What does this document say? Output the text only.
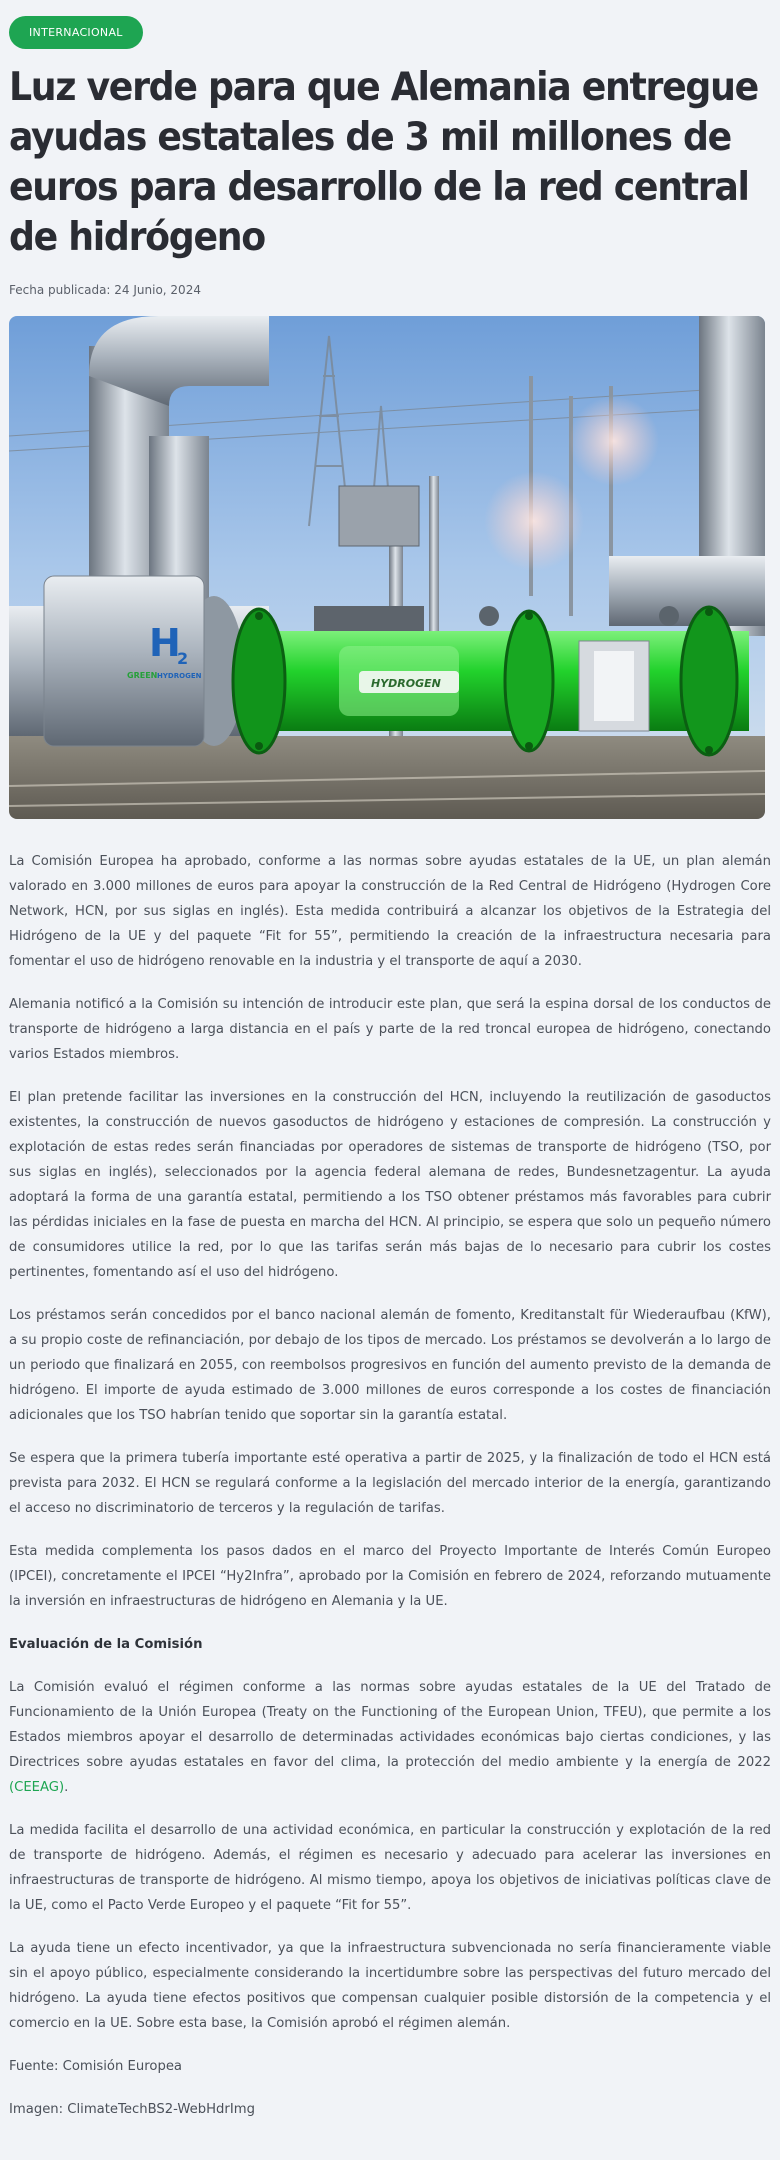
INTERNACIONAL
Luz verde para que Alemania entregue ayudas estatales de 3 mil millones de euros para desarrollo de la red central de hidrógeno
Fecha publicada: 24 Junio, 2024
H
2
GREEN HYDROGEN
HYDROGEN

La Comisión Europea ha aprobado, conforme a las normas sobre ayudas estatales de la UE, un plan alemán valorado en 3.000 millones de euros para apoyar la construcción de la Red Central de Hidrógeno (Hydrogen Core Network, HCN, por sus siglas en inglés). Esta medida contribuirá a alcanzar los objetivos de la Estrategia del Hidrógeno de la UE y del paquete “Fit for 55”, permitiendo la creación de la infraestructura necesaria para fomentar el uso de hidrógeno renovable en la industria y el transporte de aquí a 2030.

Alemania notificó a la Comisión su intención de introducir este plan, que será la espina dorsal de los conductos de transporte de hidrógeno a larga distancia en el país y parte de la red troncal europea de hidrógeno, conectando varios Estados miembros.

El plan pretende facilitar las inversiones en la construcción del HCN, incluyendo la reutilización de gasoductos existentes, la construcción de nuevos gasoductos de hidrógeno y estaciones de compresión. La construcción y explotación de estas redes serán financiadas por operadores de sistemas de transporte de hidrógeno (TSO, por sus siglas en inglés), seleccionados por la agencia federal alemana de redes, Bundesnetzagentur. La ayuda adoptará la forma de una garantía estatal, permitiendo a los TSO obtener préstamos más favorables para cubrir las pérdidas iniciales en la fase de puesta en marcha del HCN. Al principio, se espera que solo un pequeño número de consumidores utilice la red, por lo que las tarifas serán más bajas de lo necesario para cubrir los costes pertinentes, fomentando así el uso del hidrógeno.

Los préstamos serán concedidos por el banco nacional alemán de fomento, Kreditanstalt für Wiederaufbau (KfW), a su propio coste de refinanciación, por debajo de los tipos de mercado. Los préstamos se devolverán a lo largo de un periodo que finalizará en 2055, con reembolsos progresivos en función del aumento previsto de la demanda de hidrógeno. El importe de ayuda estimado de 3.000 millones de euros corresponde a los costes de financiación adicionales que los TSO habrían tenido que soportar sin la garantía estatal.

Se espera que la primera tubería importante esté operativa a partir de 2025, y la finalización de todo el HCN está prevista para 2032. El HCN se regulará conforme a la legislación del mercado interior de la energía, garantizando el acceso no discriminatorio de terceros y la regulación de tarifas.

Esta medida complementa los pasos dados en el marco del Proyecto Importante de Interés Común Europeo (IPCEI), concretamente el IPCEI “Hy2Infra”, aprobado por la Comisión en febrero de 2024, reforzando mutuamente la inversión en infraestructuras de hidrógeno en Alemania y la UE.

Evaluación de la Comisión

La Comisión evaluó el régimen conforme a las normas sobre ayudas estatales de la UE del Tratado de Funcionamiento de la Unión Europea (Treaty on the Functioning of the European Union, TFEU), que permite a los Estados miembros apoyar el desarrollo de determinadas actividades económicas bajo ciertas condiciones, y las Directrices sobre ayudas estatales en favor del clima, la protección del medio ambiente y la energía de 2022 (CEEAG).

La medida facilita el desarrollo de una actividad económica, en particular la construcción y explotación de la red de transporte de hidrógeno. Además, el régimen es necesario y adecuado para acelerar las inversiones en infraestructuras de transporte de hidrógeno. Al mismo tiempo, apoya los objetivos de iniciativas políticas clave de la UE, como el Pacto Verde Europeo y el paquete “Fit for 55”.

La ayuda tiene un efecto incentivador, ya que la infraestructura subvencionada no sería financieramente viable sin el apoyo público, especialmente considerando la incertidumbre sobre las perspectivas del futuro mercado del hidrógeno. La ayuda tiene efectos positivos que compensan cualquier posible distorsión de la competencia y el comercio en la UE. Sobre esta base, la Comisión aprobó el régimen alemán.

Fuente: Comisión Europea

Imagen: ClimateTechBS2-WebHdrImg
